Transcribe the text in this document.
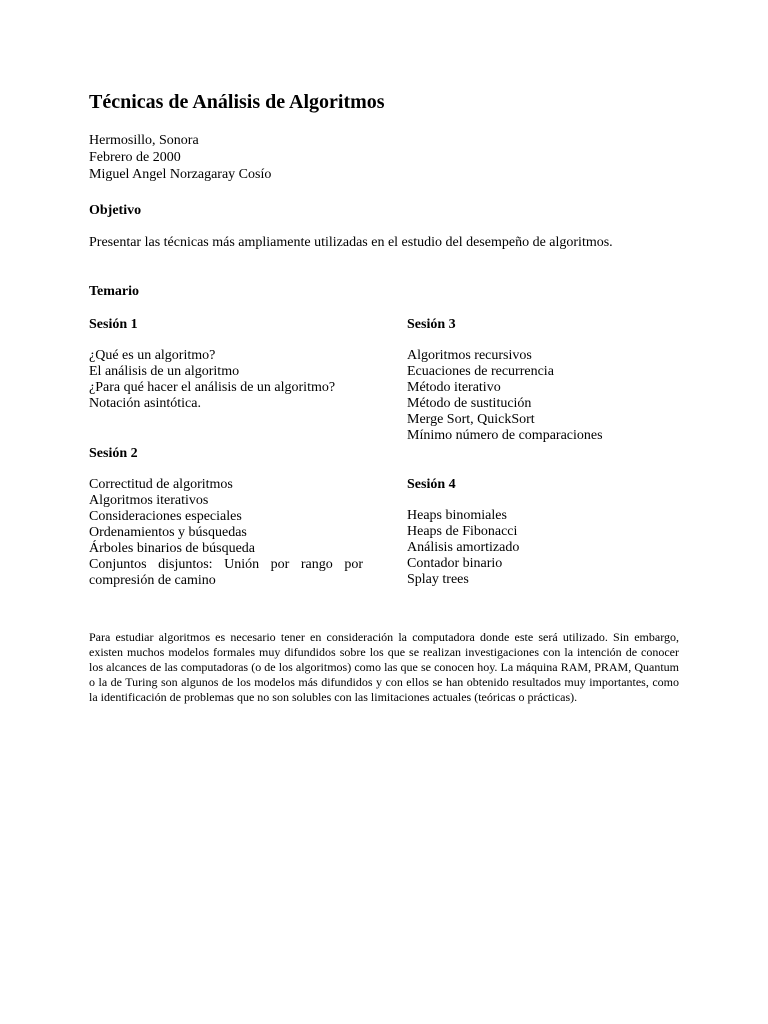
Técnicas de Análisis de Algoritmos
Hermosillo, Sonora
Febrero de 2000
Miguel Angel Norzagaray Cosío
Objetivo
Presentar las técnicas más ampliamente utilizadas en el estudio del desempeño de algoritmos.
Temario
Sesión 1
¿Qué es un algoritmo?
El análisis de un algoritmo
¿Para qué hacer el análisis de un algoritmo?
Notación asintótica.
Sesión 2
Correctitud de algoritmos
Algoritmos iterativos
Consideraciones especiales
Ordenamientos y búsquedas
Árboles binarios de búsqueda
Conjuntos disjuntos: Unión por rango por compresión de camino
Sesión 3
Algoritmos recursivos
Ecuaciones de recurrencia
Método iterativo
Método de sustitución
Merge Sort, QuickSort
Mínimo número de comparaciones
Sesión 4
Heaps binomiales
Heaps de Fibonacci
Análisis amortizado
Contador binario
Splay trees

Para estudiar algoritmos es necesario tener en consideración la computadora donde este será utilizado. Sin embargo, existen muchos modelos formales muy difundidos sobre los que se realizan investigaciones con la intención de conocer los alcances de las computadoras (o de los algoritmos) como las que se conocen hoy. La máquina RAM, PRAM, Quantum o la de Turing son algunos de los modelos más difundidos y con ellos se han obtenido resultados muy importantes, como la identificación de problemas que no son solubles con las limitaciones actuales (teóricas o prácticas).
